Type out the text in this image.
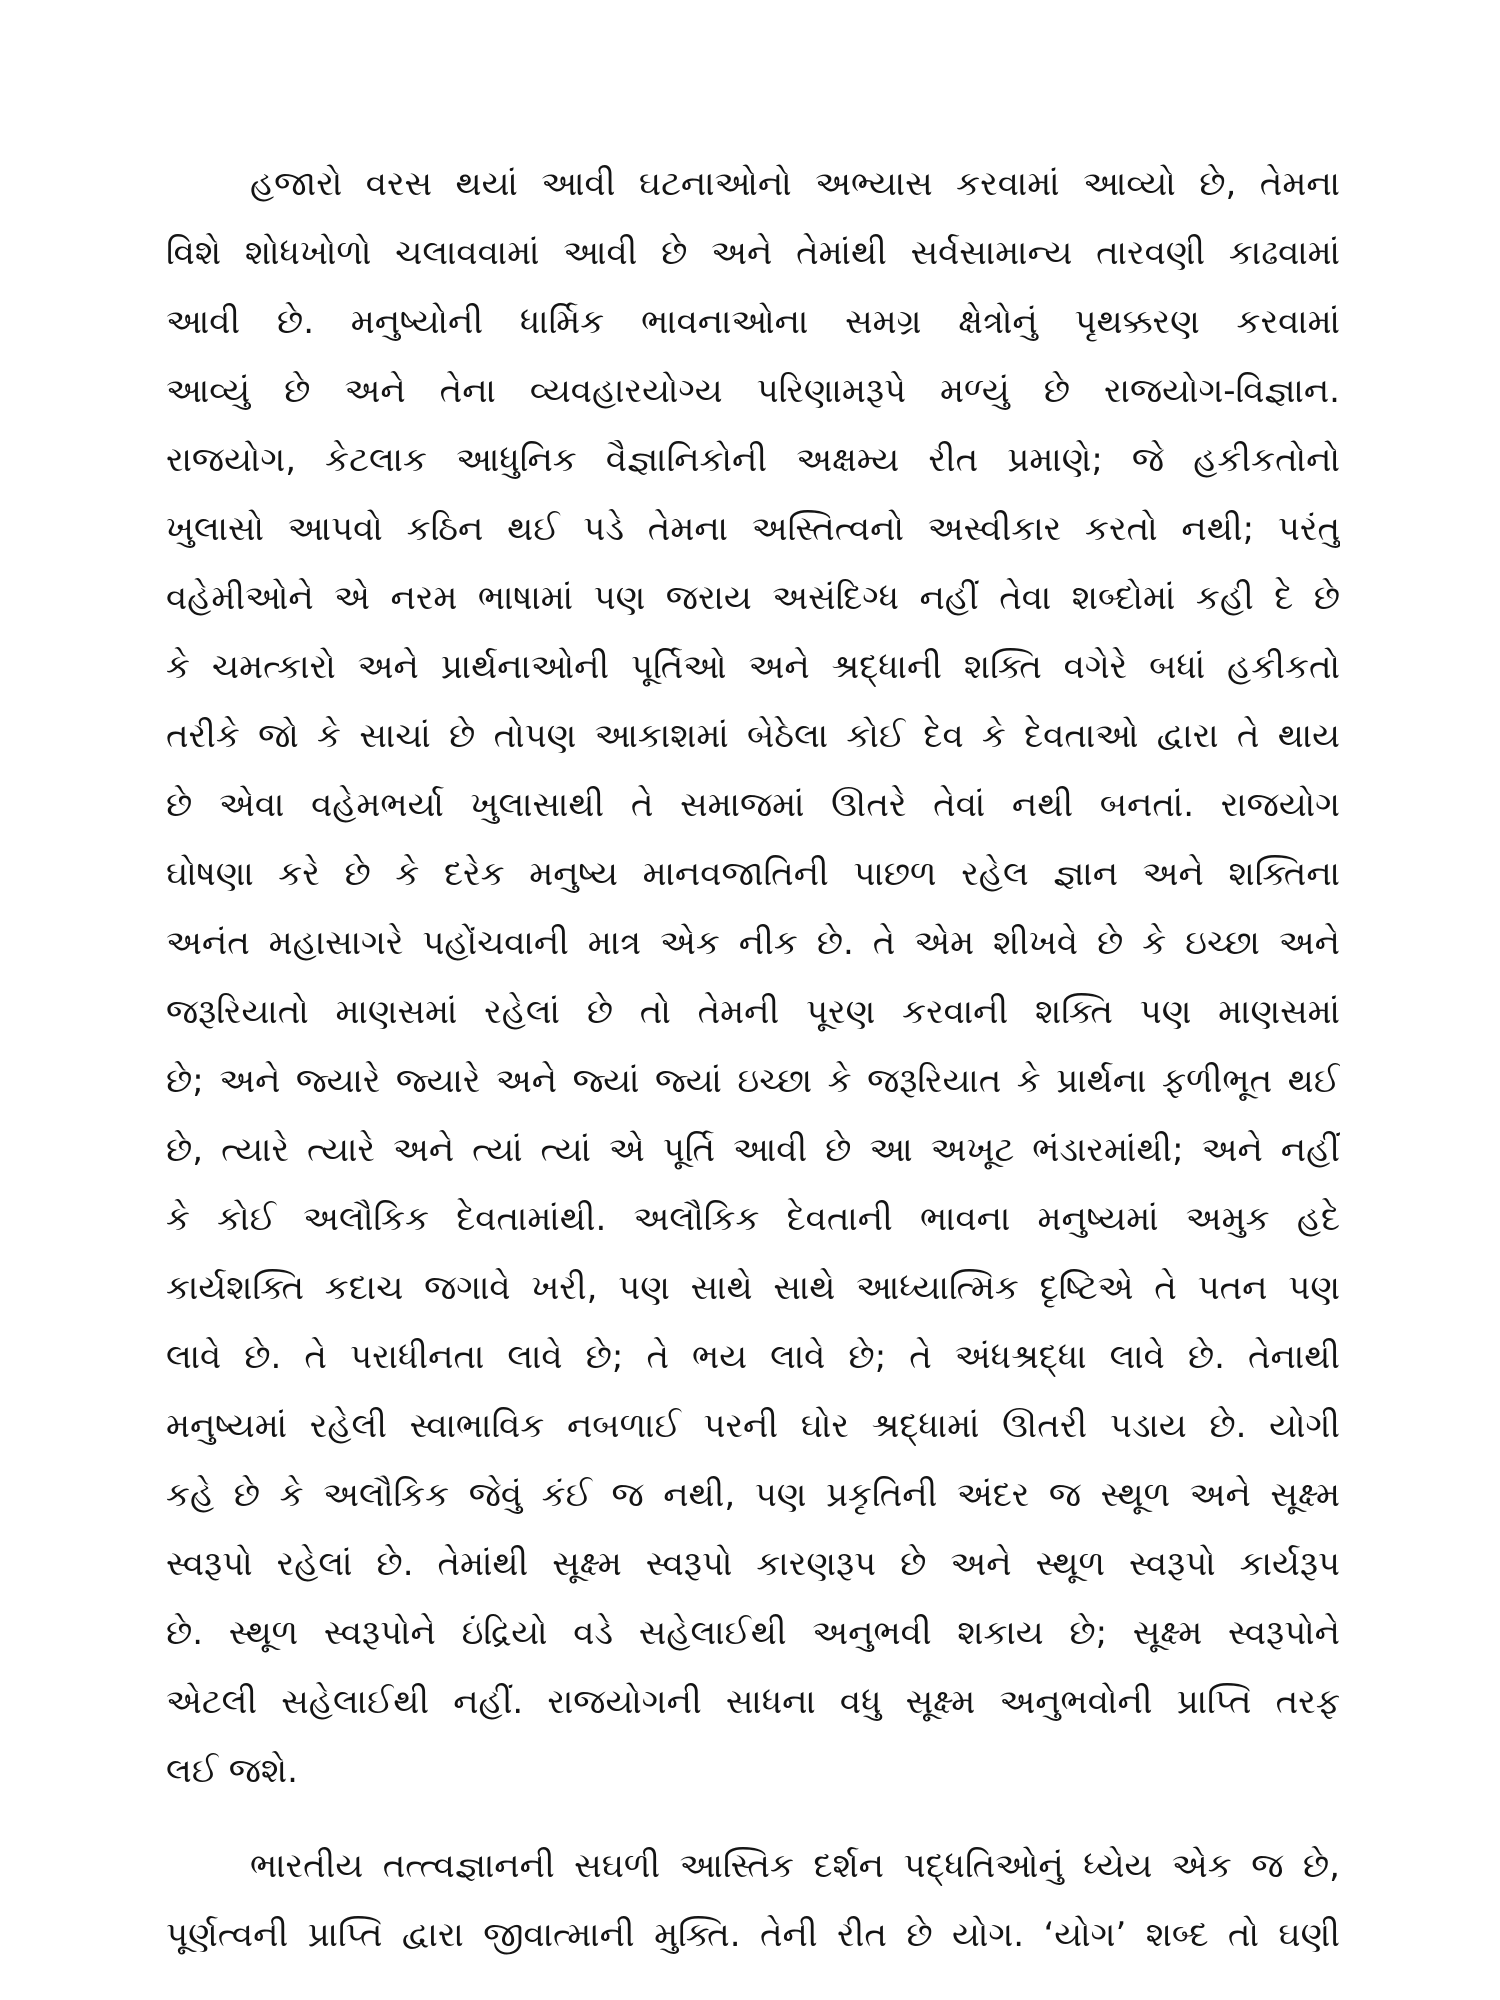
હજારો વરસ થયાં આવી ઘટનાઓનો અભ્યાસ કરવામાં આવ્યો છે, તેમના
વિશે શોધખોળો ચલાવવામાં આવી છે અને તેમાંથી સર્વસામાન્ય તારવણી કાઢવામાં
આવી છે. મનુષ્યોની ધાર્મિક ભાવનાઓના સમગ્ર ક્ષેત્રોનું પૃથક્કરણ કરવામાં
આવ્યું છે અને તેના વ્યવહારયોગ્ય પરિણામરૂપે મળ્યું છે રાજયોગ-વિજ્ઞાન.
રાજયોગ, કેટલાક આધુનિક વૈજ્ઞાનિકોની અક્ષમ્ય રીત પ્રમાણે; જે હકીકતોનો
ખુલાસો આપવો કઠિન થઈ પડે તેમના અસ્તિત્વનો અસ્વીકાર કરતો નથી; પરંતુ
વહેમીઓને એ નરમ ભાષામાં પણ જરાય અસંદિગ્ધ નહીં તેવા શબ્દોમાં કહી દે છે
કે ચમત્કારો અને પ્રાર્થનાઓની પૂર્તિઓ અને શ્રદ્ધાની શક્તિ વગેરે બધાં હકીકતો
તરીકે જો કે સાચાં છે તોપણ આકાશમાં બેઠેલા કોઈ દેવ કે દેવતાઓ દ્વારા તે થાય
છે એવા વહેમભર્યા ખુલાસાથી તે સમાજમાં ઊતરે તેવાં નથી બનતાં. રાજયોગ
ઘોષણા કરે છે કે દરેક મનુષ્ય માનવજાતિની પાછળ રહેલ જ્ઞાન અને શક્તિના
અનંત મહાસાગરે પહોંચવાની માત્ર એક નીક છે. તે એમ શીખવે છે કે ઇચ્છા અને
જરૂરિયાતો માણસમાં રહેલાં છે તો તેમની પૂરણ કરવાની શક્તિ પણ માણસમાં
છે; અને જ્યારે જ્યારે અને જ્યાં જ્યાં ઇચ્છા કે જરૂરિયાત કે પ્રાર્થના ફળીભૂત થઈ
છે, ત્યારે ત્યારે અને ત્યાં ત્યાં એ પૂર્તિ આવી છે આ અખૂટ ભંડારમાંથી; અને નહીં
કે કોઈ અલૌકિક દેવતામાંથી. અલૌકિક દેવતાની ભાવના મનુષ્યમાં અમુક હદે
કાર્યશક્તિ કદાચ જગાવે ખરી, પણ સાથે સાથે આધ્યાત્મિક દૃષ્ટિએ તે પતન પણ
લાવે છે. તે પરાધીનતા લાવે છે; તે ભય લાવે છે; તે અંધશ્રદ્ધા લાવે છે. તેનાથી
મનુષ્યમાં રહેલી સ્વાભાવિક નબળાઈ પરની ઘોર શ્રદ્ધામાં ઊતરી પડાય છે. યોગી
કહે છે કે અલૌકિક જેવું કંઈ જ નથી, પણ પ્રકૃતિની અંદર જ સ્થૂળ અને સૂક્ષ્મ
સ્વરૂપો રહેલાં છે. તેમાંથી સૂક્ષ્મ સ્વરૂપો કારણરૂપ છે અને સ્થૂળ સ્વરૂપો કાર્યરૂપ
છે. સ્થૂળ સ્વરૂપોને ઇંદ્રિયો વડે સહેલાઈથી અનુભવી શકાય છે; સૂક્ષ્મ સ્વરૂપોને
એટલી સહેલાઈથી નહીં. રાજયોગની સાધના વધુ સૂક્ષ્મ અનુભવોની પ્રાપ્તિ તરફ
લઈ જશે.
ભારતીય તત્ત્વજ્ઞાનની સઘળી આસ્તિક દર્શન પદ્ધતિઓનું ધ્યેય એક જ છે,
પૂર્ણત્વની પ્રાપ્તિ દ્વારા જીવાત્માની મુક્તિ. તેની રીત છે યોગ. ‘યોગ’ શબ્દ તો ઘણી
